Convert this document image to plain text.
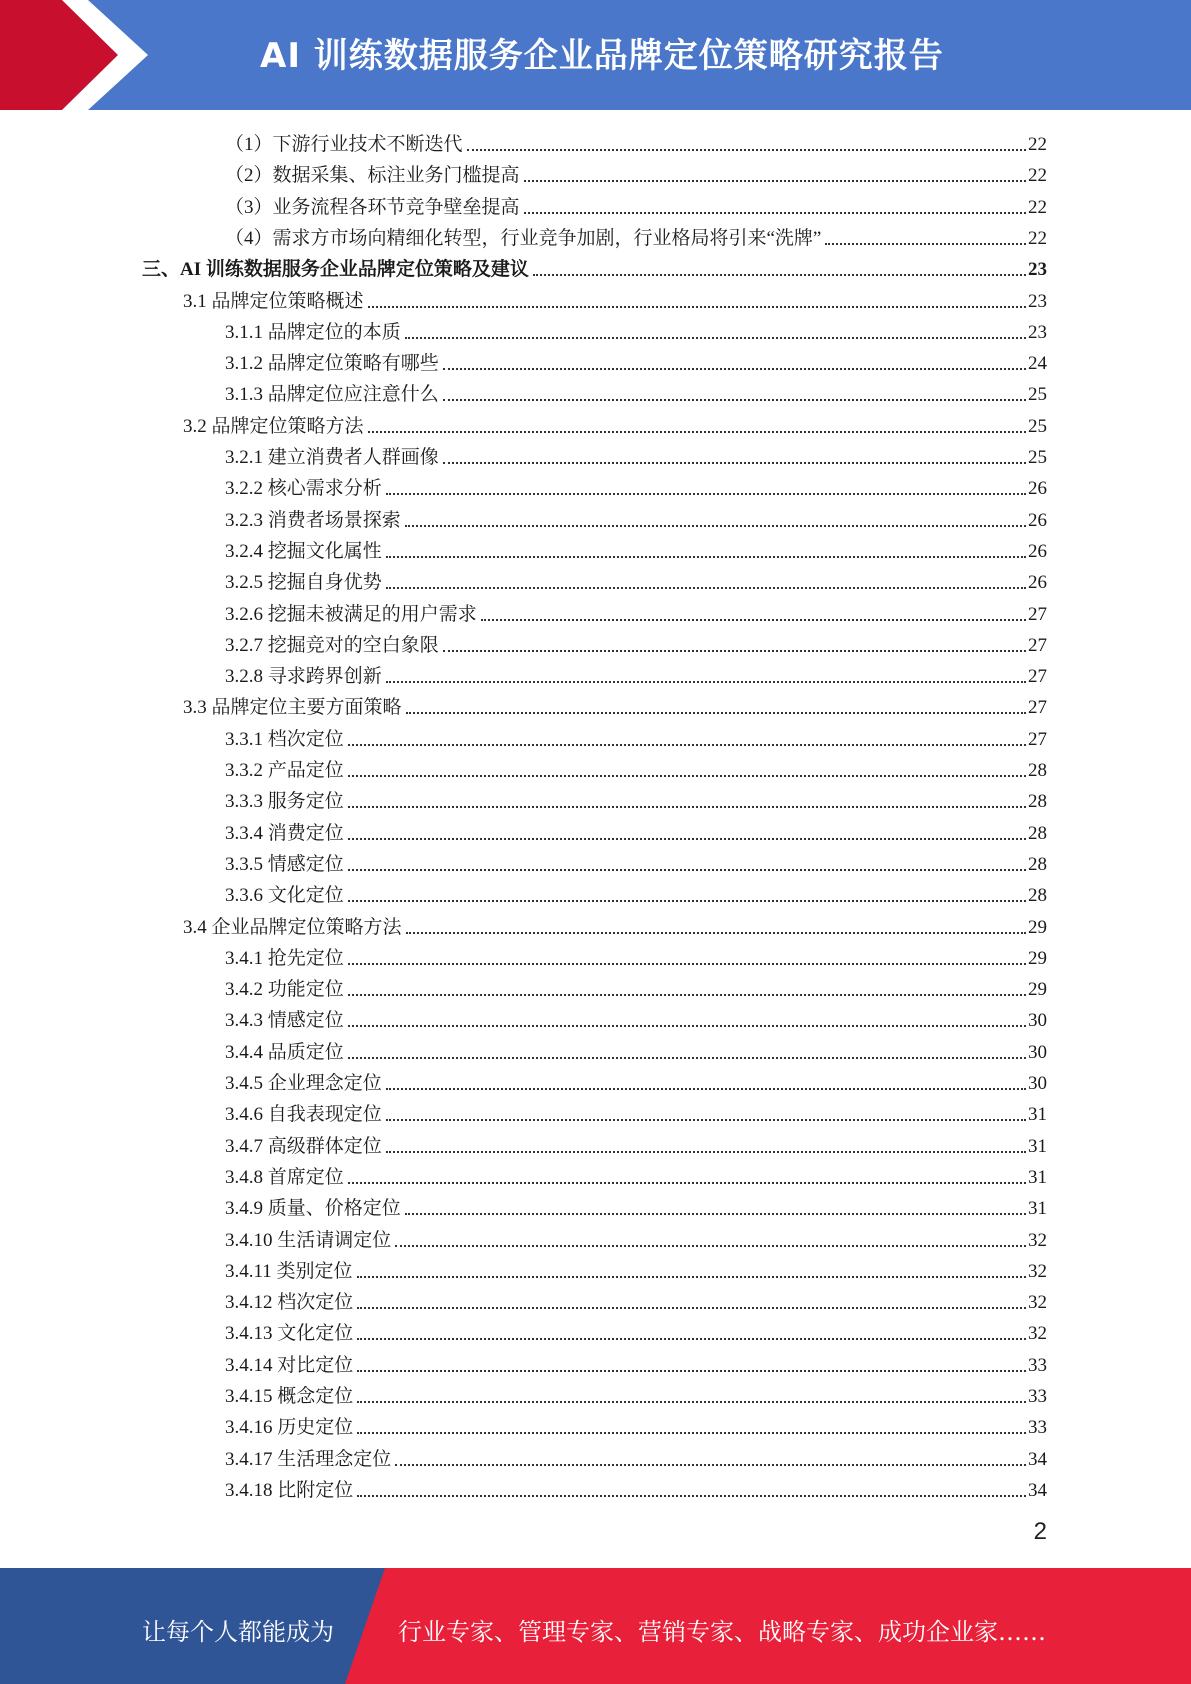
AI 训练数据服务企业品牌定位策略研究报告
（1）下游行业技术不断迭代	22
（2）数据采集、标注业务门槛提高	22
（3）业务流程各环节竞争壁垒提高	22
（4）需求方市场向精细化转型，行业竞争加剧，行业格局将引来“洗牌”	22
三、AI 训练数据服务企业品牌定位策略及建议	23
3.1 品牌定位策略概述	23
3.1.1 品牌定位的本质	23
3.1.2 品牌定位策略有哪些	24
3.1.3 品牌定位应注意什么	25
3.2 品牌定位策略方法	25
3.2.1 建立消费者人群画像	25
3.2.2 核心需求分析	26
3.2.3 消费者场景探索	26
3.2.4 挖掘文化属性	26
3.2.5 挖掘自身优势	26
3.2.6 挖掘未被满足的用户需求	27
3.2.7 挖掘竞对的空白象限	27
3.2.8 寻求跨界创新	27
3.3 品牌定位主要方面策略	27
3.3.1 档次定位	27
3.3.2 产品定位	28
3.3.3 服务定位	28
3.3.4 消费定位	28
3.3.5 情感定位	28
3.3.6 文化定位	28
3.4 企业品牌定位策略方法	29
3.4.1 抢先定位	29
3.4.2 功能定位	29
3.4.3 情感定位	30
3.4.4 品质定位	30
3.4.5 企业理念定位	30
3.4.6 自我表现定位	31
3.4.7 高级群体定位	31
3.4.8 首席定位	31
3.4.9 质量、价格定位	31
3.4.10 生活请调定位	32
3.4.11 类别定位	32
3.4.12 档次定位	32
3.4.13 文化定位	32
3.4.14 对比定位	33
3.4.15 概念定位	33
3.4.16 历史定位	33
3.4.17 生活理念定位	34
3.4.18 比附定位	34
2
让每个人都能成为	行业专家、管理专家、营销专家、战略专家、成功企业家……
